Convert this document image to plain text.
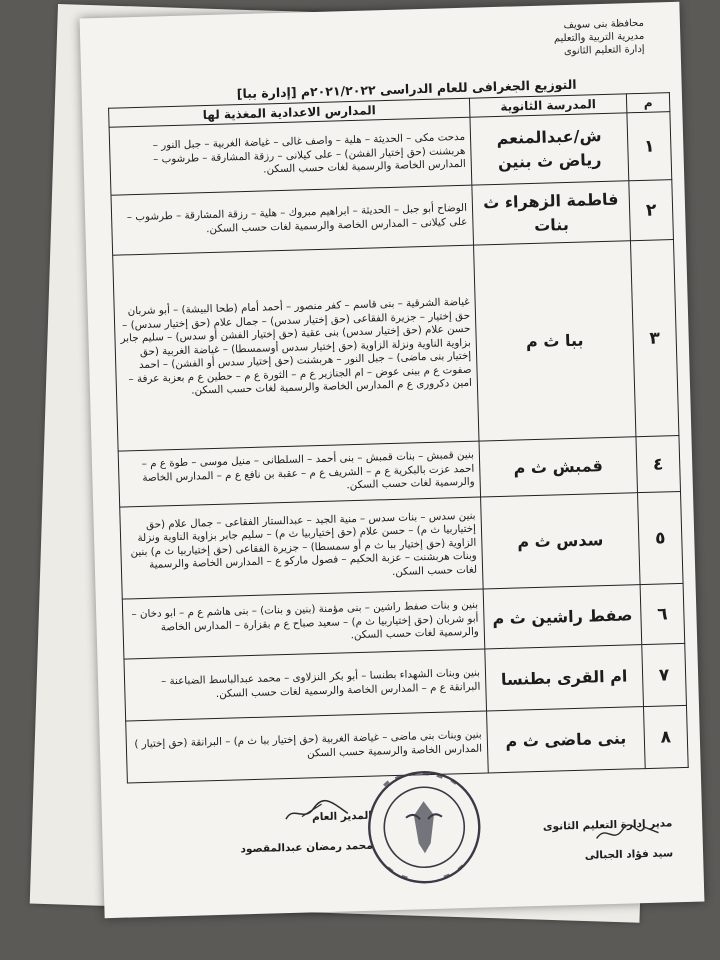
محافظة بنى سويف
مديرية التربية والتعليم
إدارة التعليم الثانوى
التوزيع الجغرافى للعام الدراسى ٢٠٢١/٢٠٢٢م [إدارة ببا]
م	المدرسة الثانوية	المدارس الاعدادية المغذية لها
١	ش/عبدالمنعم رياض ث بنين	مدحت مكى – الحديثة – هلية – واصف غالى – غياضة الغربية – جبل النور – هربشنت (حق إختيار الفشن) – على كيلانى – رزقة المشارقة – طرشوب – المدارس الخاصة والرسمية لغات حسب السكن.
٢	فاطمة الزهراء ث بنات	الوضاح أبو جبل – الحديثة – ابراهيم مبروك – هلية – رزقة المشارقة – طرشوب – على كيلانى – المدارس الخاصة والرسمية لغات حسب السكن.
٣	ببا ث م	غياضة الشرقية – بنى قاسم – كفر منصور – أحمد أمام (طحا البيشة) – أبو شربان حق إختيار – جزيرة الفقاعى (حق إختيار سدس) – جمال علام (حق إختيار سدس) – حسن علام (حق إختيار سدس) بنى عقبة (حق إختيار الفشن أو سدس) – سليم جابر بزاوية الناوية ونزلة الزاوية (حق إختيار سدس أوسمسطا) – غياضة الغربية (حق إختيار بنى ماضى) – جبل النور – هربشنت (حق إختيار سدس أو الفشن) – احمد صفوت ع م ببنى عوض – ام الجنازير ع م – الثورة ع م – حطين ع م بعزبة عرفة – امين دكرورى ع م المدارس الخاصة والرسمية لغات حسب السكن.
٤	قمبش ث م	بنين قمبش – بنات قمبش – بنى أحمد – السلطانى – منيل موسى – طوة ع م – احمد عزت بالبكرية ع م – الشريف ع م – عقبة بن نافع ع م – المدارس الخاصة والرسمية لغات حسب السكن.
٥	سدس ث م	بنين سدس – بنات سدس – منية الجيد – عبدالستار الفقاعى – جمال علام (حق إختياربيا ث م) – حسن علام (حق إختياربيا ث م) – سليم جابر بزاوية الناوية ونزلة الزاوية (حق إختيار ببا ث م أو سمسطا) – جزيرة الفقاعى (حق إختياربيا ث م) بنين وبنات هربشنت – عزبة الحكيم – فصول ماركو ع – المدارس الخاصة والرسمية لغات حسب السكن.
٦	صفط راشين ث م	بنين و بنات صفط راشين – بنى مؤمنة (بنين و بنات) – بنى هاشم ع م – ابو دخان – أبو شربان (حق إختياربيا ث م) – سعيد صباح ع م بقزارة – المدارس الخاصة والرسمية لغات حسب السكن.
٧	ام القرى بطنسا	بنين وبنات الشهداء بطنسا – أبو بكر النزلاوى – محمد عبدالباسط الضباعنة – البرانقة ع م – المدارس الخاصة والرسمية لغات حسب السكن.
٨	بنى ماضى ث م	بنين وبنات بنى ماضى – غياضة الغربية (حق إختيار ببا ث م) – البرانقة (حق إختيار ) المدارس الخاصة والرسمية حسب السكن
مدير إدارة التعليم الثانوى
سيد فؤاد الجبالى
المدير العام
محمد رمضان عبدالمقصود
